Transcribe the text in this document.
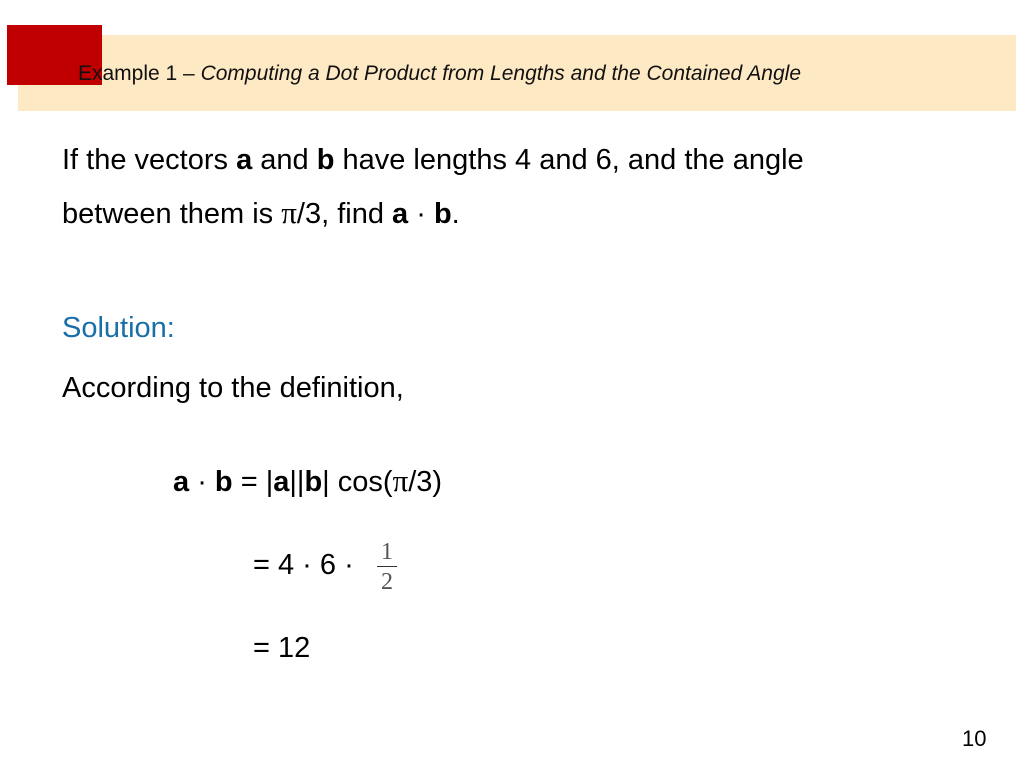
Example 1 – Computing a Dot Product from Lengths and the Contained Angle
If the vectors a and b have lengths 4 and 6, and the angle
between them is π/3, find a · b.
Solution:
According to the definition,
a · b = |a||b| cos(π/3)
= 4 · 6 · 1
2
= 12
10
